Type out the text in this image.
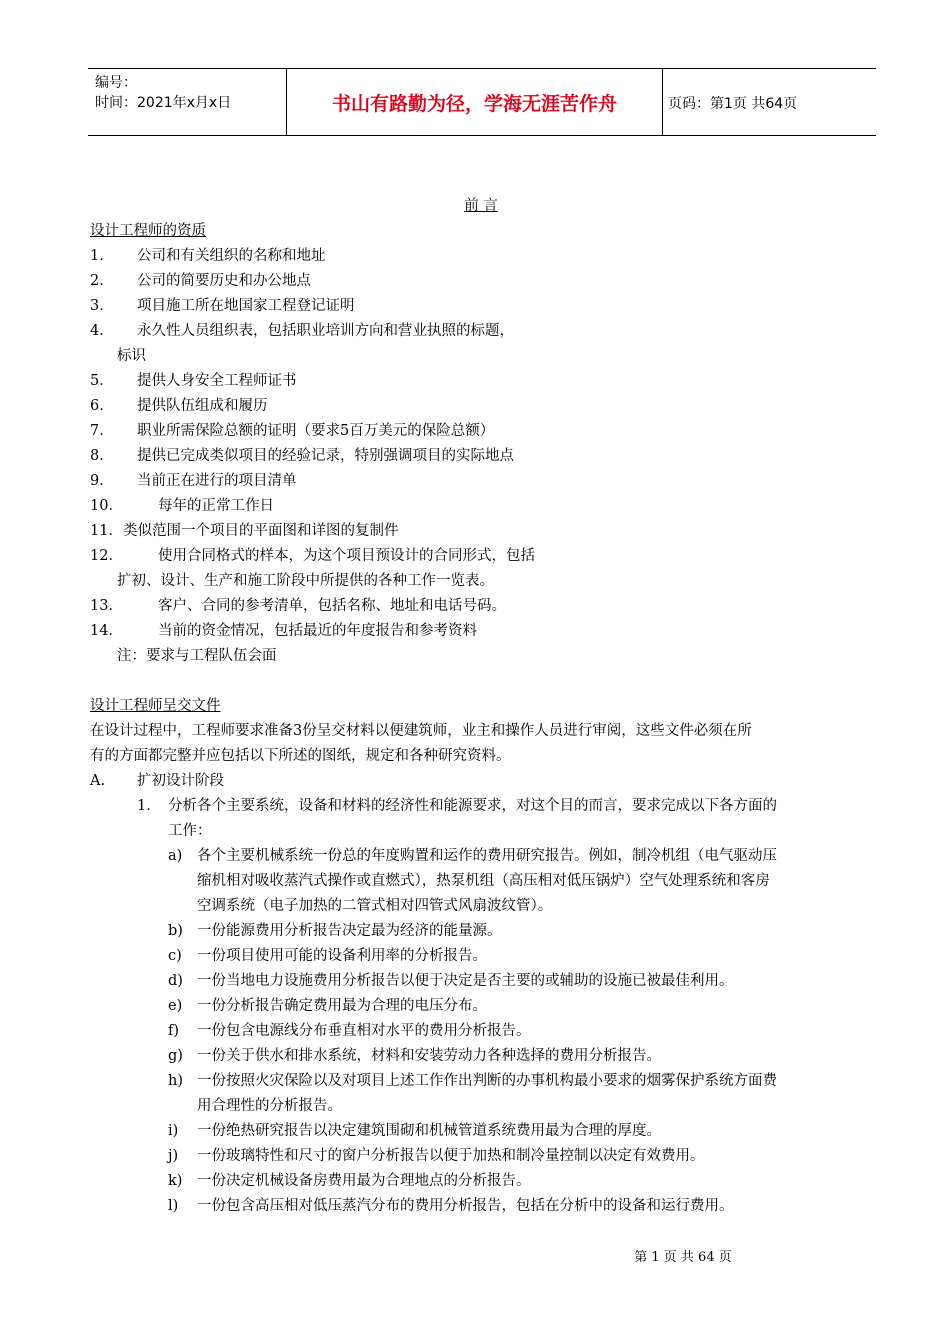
编号：
时间：2021年x月x日	书山有路勤为径，学海无涯苦作舟	页码：第1页 共64页
前 言
设计工程师的资质
1． 公司和有关组织的名称和地址
2． 公司的简要历史和办公地点
3． 项目施工所在地国家工程登记证明
4． 永久性人员组织表，包括职业培训方向和营业执照的标题，
标识
5． 提供人身安全工程师证书
6． 提供队伍组成和履历
7． 职业所需保险总额的证明（要求5百万美元的保险总额）
8． 提供已完成类似项目的经验记录，特别强调项目的实际地点
9． 当前正在进行的项目清单
10． 每年的正常工作日
11． 类似范围一个项目的平面图和详图的复制件
12． 使用合同格式的样本，为这个项目预设计的合同形式，包括
扩初、设计、生产和施工阶段中所提供的各种工作一览表。
13． 客户、合同的参考清单，包括名称、地址和电话号码。
14． 当前的资金情况，包括最近的年度报告和参考资料
注：要求与工程队伍会面
设计工程师呈交文件
在设计过程中，工程师要求准备3份呈交材料以便建筑师，业主和操作人员进行审阅，这些文件必须在所
有的方面都完整并应包括以下所述的图纸，规定和各种研究资料。
A. 扩初设计阶段
1． 分析各个主要系统，设备和材料的经济性和能源要求，对这个目的而言，要求完成以下各方面的
工作：
a) 各个主要机械系统一份总的年度购置和运作的费用研究报告。例如，制冷机组（电气驱动压
缩机相对吸收蒸汽式操作或直燃式），热泵机组（高压相对低压锅炉）空气处理系统和客房
空调系统（电子加热的二管式相对四管式风扇波纹管）。
b) 一份能源费用分析报告决定最为经济的能量源。
c) 一份项目使用可能的设备利用率的分析报告。
d) 一份当地电力设施费用分析报告以便于决定是否主要的或辅助的设施已被最佳利用。
e) 一份分析报告确定费用最为合理的电压分布。
f) 一份包含电源线分布垂直相对水平的费用分析报告。
g) 一份关于供水和排水系统，材料和安装劳动力各种选择的费用分析报告。
h) 一份按照火灾保险以及对项目上述工作作出判断的办事机构最小要求的烟雾保护系统方面费
用合理性的分析报告。
i) 一份绝热研究报告以决定建筑围砌和机械管道系统费用最为合理的厚度。
j) 一份玻璃特性和尺寸的窗户分析报告以便于加热和制冷量控制以决定有效费用。
k) 一份决定机械设备房费用最为合理地点的分析报告。
l) 一份包含高压相对低压蒸汽分布的费用分析报告，包括在分析中的设备和运行费用。
第 1 页 共 64 页
